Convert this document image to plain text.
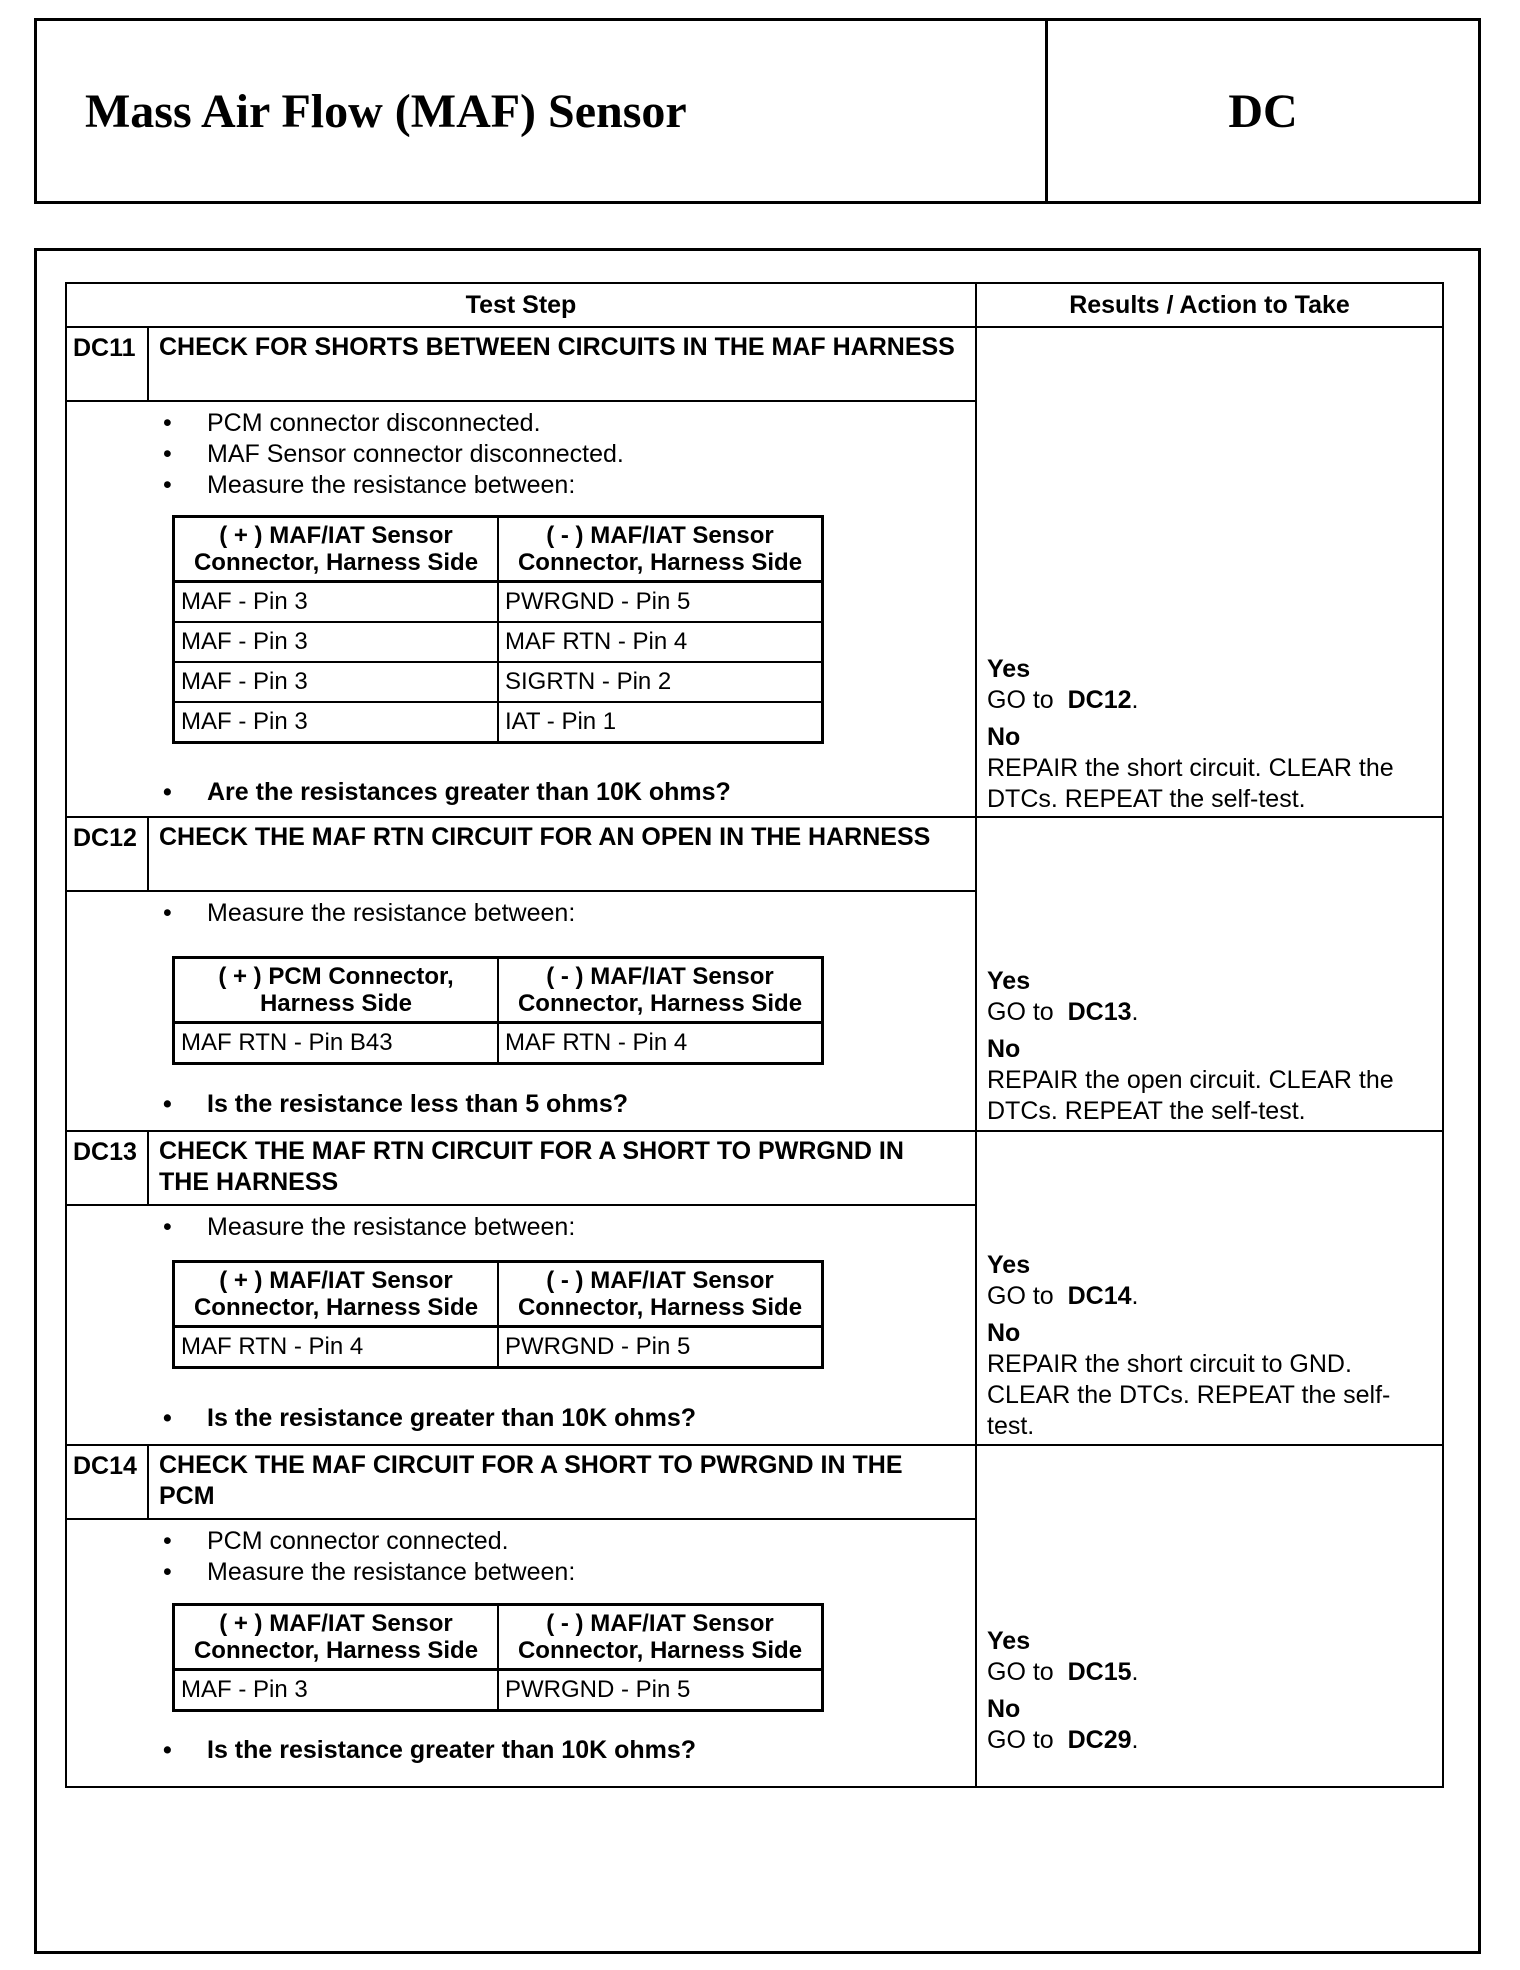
Mass Air Flow (MAF) Sensor	DC
Test Step	Results / Action to Take
DC11 CHECK FOR SHORTS BETWEEN CIRCUITS IN THE MAF HARNESS
•	PCM connector disconnected.
•	MAF Sensor connector disconnected.
•	Measure the resistance between:
( + ) MAF/IAT Sensor Connector, Harness Side	( - ) MAF/IAT Sensor Connector, Harness Side
MAF - Pin 3	PWRGND - Pin 5
MAF - Pin 3	MAF RTN - Pin 4
MAF - Pin 3	SIGRTN - Pin 2
MAF - Pin 3	IAT - Pin 1
•	Are the resistances greater than 10K ohms?
Yes
GO to DC12.
No
REPAIR the short circuit. CLEAR the DTCs. REPEAT the self-test.
DC12 CHECK THE MAF RTN CIRCUIT FOR AN OPEN IN THE HARNESS
•	Measure the resistance between:
( + ) PCM Connector, Harness Side	( - ) MAF/IAT Sensor Connector, Harness Side
MAF RTN - Pin B43	MAF RTN - Pin 4
•	Is the resistance less than 5 ohms?
Yes
GO to DC13.
No
REPAIR the open circuit. CLEAR the DTCs. REPEAT the self-test.
DC13 CHECK THE MAF RTN CIRCUIT FOR A SHORT TO PWRGND IN THE HARNESS
•	Measure the resistance between:
( + ) MAF/IAT Sensor Connector, Harness Side	( - ) MAF/IAT Sensor Connector, Harness Side
MAF RTN - Pin 4	PWRGND - Pin 5
•	Is the resistance greater than 10K ohms?
Yes
GO to DC14.
No
REPAIR the short circuit to GND. CLEAR the DTCs. REPEAT the self-test.
DC14 CHECK THE MAF CIRCUIT FOR A SHORT TO PWRGND IN THE PCM
•	PCM connector connected.
•	Measure the resistance between:
( + ) MAF/IAT Sensor Connector, Harness Side	( - ) MAF/IAT Sensor Connector, Harness Side
MAF - Pin 3	PWRGND - Pin 5
•	Is the resistance greater than 10K ohms?
Yes
GO to DC15.
No
GO to DC29.
